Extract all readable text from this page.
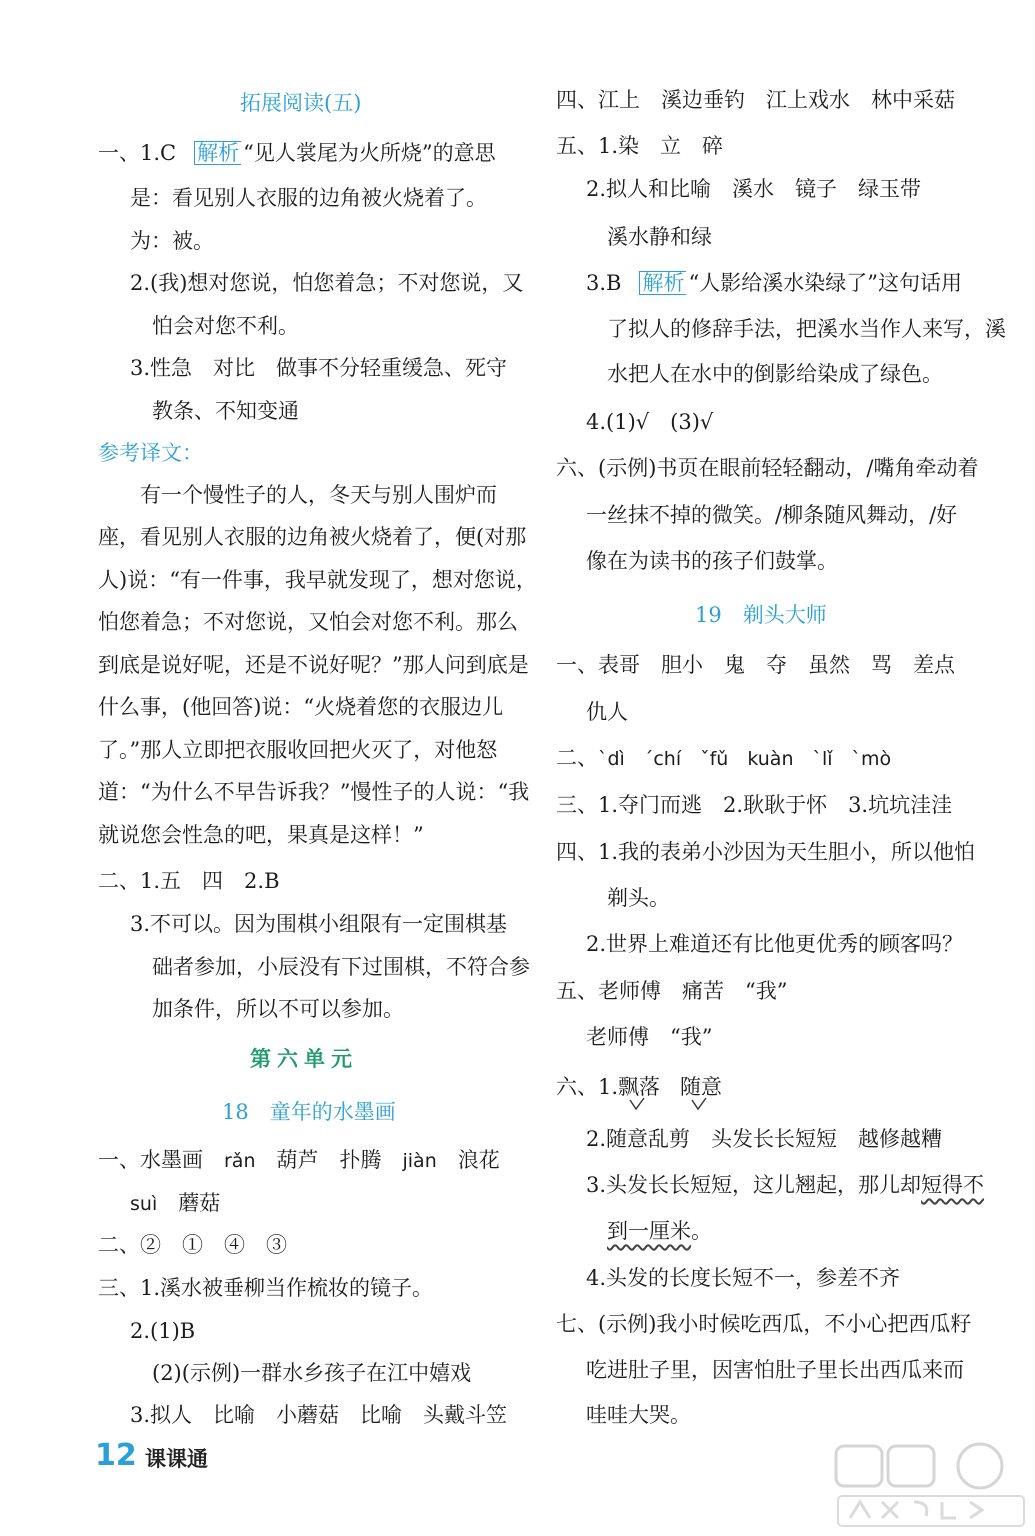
拓展阅读(五)
一、1.C 解析 “见人裳尾为火所烧”的意思
是：看见别人衣服的边角被火烧着了。
为：被。
2.(我)想对您说，怕您着急；不对您说，又
怕会对您不利。
3.性急　对比　做事不分轻重缓急、死守
教条、不知变通
参考译文：
有一个慢性子的人，冬天与别人围炉而
座，看见别人衣服的边角被火烧着了，便(对那
人)说：“有一件事，我早就发现了，想对您说，
怕您着急；不对您说，又怕会对您不利。那么
到底是说好呢，还是不说好呢？”那人问到底是
什么事，(他回答)说：“火烧着您的衣服边儿
了。”那人立即把衣服收回把火灭了，对他怒
道：“为什么不早告诉我？”慢性子的人说：“我
就说您会性急的吧，果真是这样！”
二、1.五　四　2.B
3.不可以。因为围棋小组限有一定围棋基
础者参加，小辰没有下过围棋，不符合参
加条件，所以不可以参加。
第六单元
18　童年的水墨画
一、水墨画　rǎn　葫芦　扑腾　jiàn　浪花
suì　蘑菇
二、②　①　④　③
三、1.溪水被垂柳当作梳妆的镜子。
2.(1)B
(2)(示例)一群水乡孩子在江中嬉戏
3.拟人　比喻　小蘑菇　比喻　头戴斗笠
四、江上　溪边垂钓　江上戏水　林中采菇
五、1.染　立　碎
2.拟人和比喻　溪水　镜子　绿玉带
溪水静和绿
3.B 解析 “人影给溪水染绿了”这句话用
了拟人的修辞手法，把溪水当作人来写，溪
水把人在水中的倒影给染成了绿色。
4.(1)√　(3)√
六、(示例)书页在眼前轻轻翻动，/嘴角牵动着
一丝抹不掉的微笑。/柳条随风舞动，/好
像在为读书的孩子们鼓掌。
19　剃头大师
一、表哥　胆小　鬼　夺　虽然　骂　差点
仇人
二、ˋdì　ˊchí　ˇfǔ　kuàn　ˋlǐ　ˋmò
三、1.夺门而逃　2.耿耿于怀　3.坑坑洼洼
四、1.我的表弟小沙因为天生胆小，所以他怕
剃头。
2.世界上难道还有比他更优秀的顾客吗？
五、老师傅　痛苦　“我”
老师傅　“我”
六、1.飘落 随意
2.随意乱剪　头发长长短短　越修越糟
3.头发长长短短，这儿翘起，那儿却短得不
到一厘米。
4.头发的长度长短不一，参差不齐
七、(示例)我小时候吃西瓜，不小心把西瓜籽
吃进肚子里，因害怕肚子里长出西瓜来而
哇哇大哭。
12 课课通
